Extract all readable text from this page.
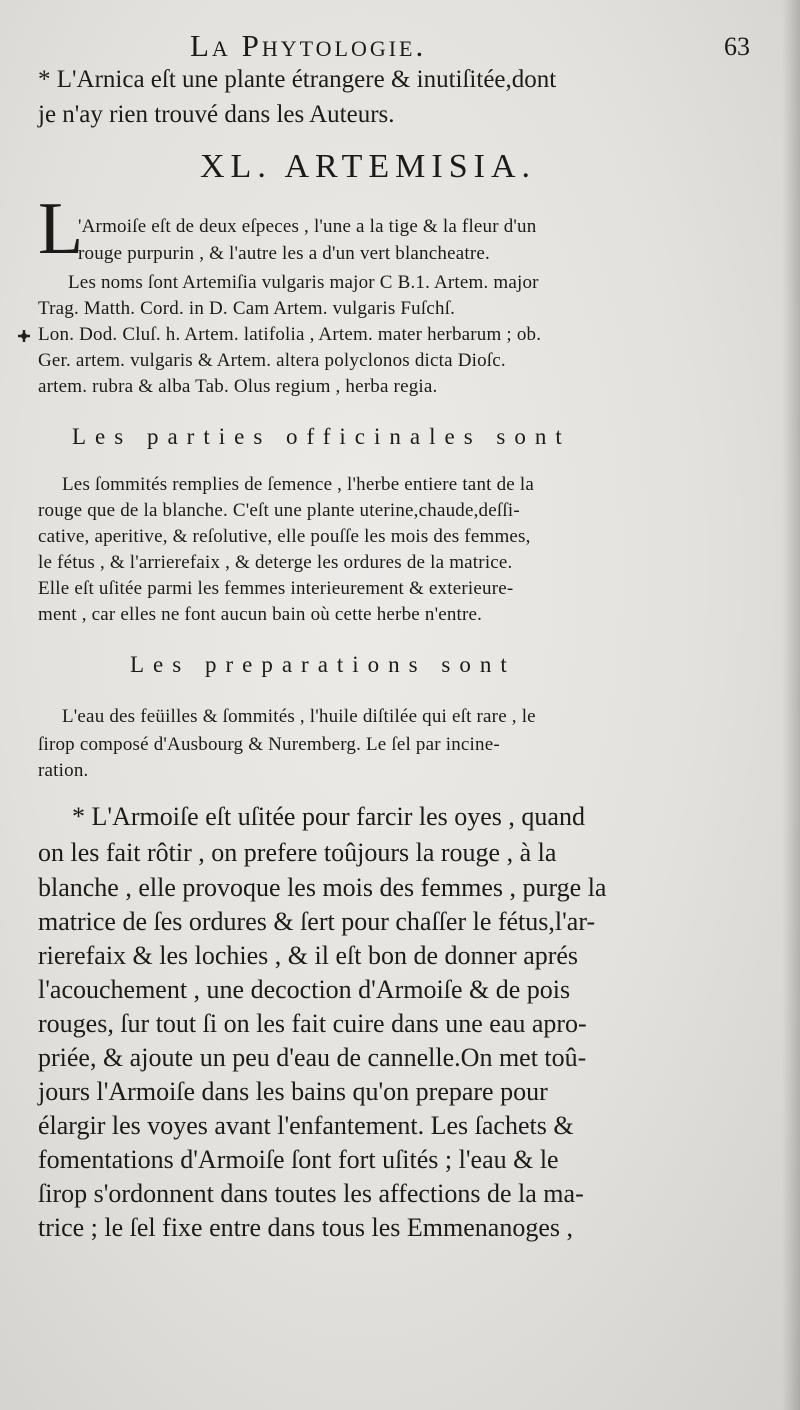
La Phytologie.	63

* L'Arnica eſt une plante étrangere & inutiſitée,dont

je n'ay rien trouvé dans les Auteurs.

XL. ARTEMISIA.
L

'Armoiſe eſt de deux eſpeces , l'une a la tige & la fleur d'un

rouge purpurin , & l'autre les a d'un vert blancheatre.

Les noms ſont Artemiſia vulgaris major C B.1. Artem. major

Trag. Matth. Cord. in D. Cam Artem. vulgaris Fuſchſ.

Lon. Dod. Cluſ. h. Artem. latifolia , Artem. mater herbarum ; ob.

Ger. artem. vulgaris & Artem. altera polyclonos dicta Dioſc.

artem. rubra & alba Tab. Olus regium , herba regia.

Les parties officinales sont

Les ſommités remplies de ſemence , l'herbe entiere tant de la

rouge que de la blanche. C'eſt une plante uterine,chaude,deſſi-

cative, aperitive, & reſolutive, elle pouſſe les mois des femmes,

le fétus , & l'arrierefaix , & deterge les ordures de la matrice.

Elle eſt uſitée parmi les femmes interieurement & exterieure-

ment , car elles ne font aucun bain où cette herbe n'entre.

Les preparations sont

L'eau des feüilles & ſommités , l'huile diſtilée qui eſt rare , le

ſirop composé d'Ausbourg & Nuremberg. Le ſel par incine-

ration.

* L'Armoiſe eſt uſitée pour farcir les oyes , quand

on les fait rôtir , on prefere toûjours la rouge , à la

blanche , elle provoque les mois des femmes , purge la

matrice de ſes ordures & ſert pour chaſſer le fétus,l'ar-

rierefaix & les lochies , & il eſt bon de donner aprés

l'acouchement , une decoction d'Armoiſe & de pois

rouges, ſur tout ſi on les fait cuire dans une eau apro-

priée, & ajoute un peu d'eau de cannelle.On met toû-

jours l'Armoiſe dans les bains qu'on prepare pour

élargir les voyes avant l'enfantement. Les ſachets &

fomentations d'Armoiſe ſont fort uſités ; l'eau & le

ſirop s'ordonnent dans toutes les affections de la ma-

trice ; le ſel fixe entre dans tous les Emmenanoges ,
